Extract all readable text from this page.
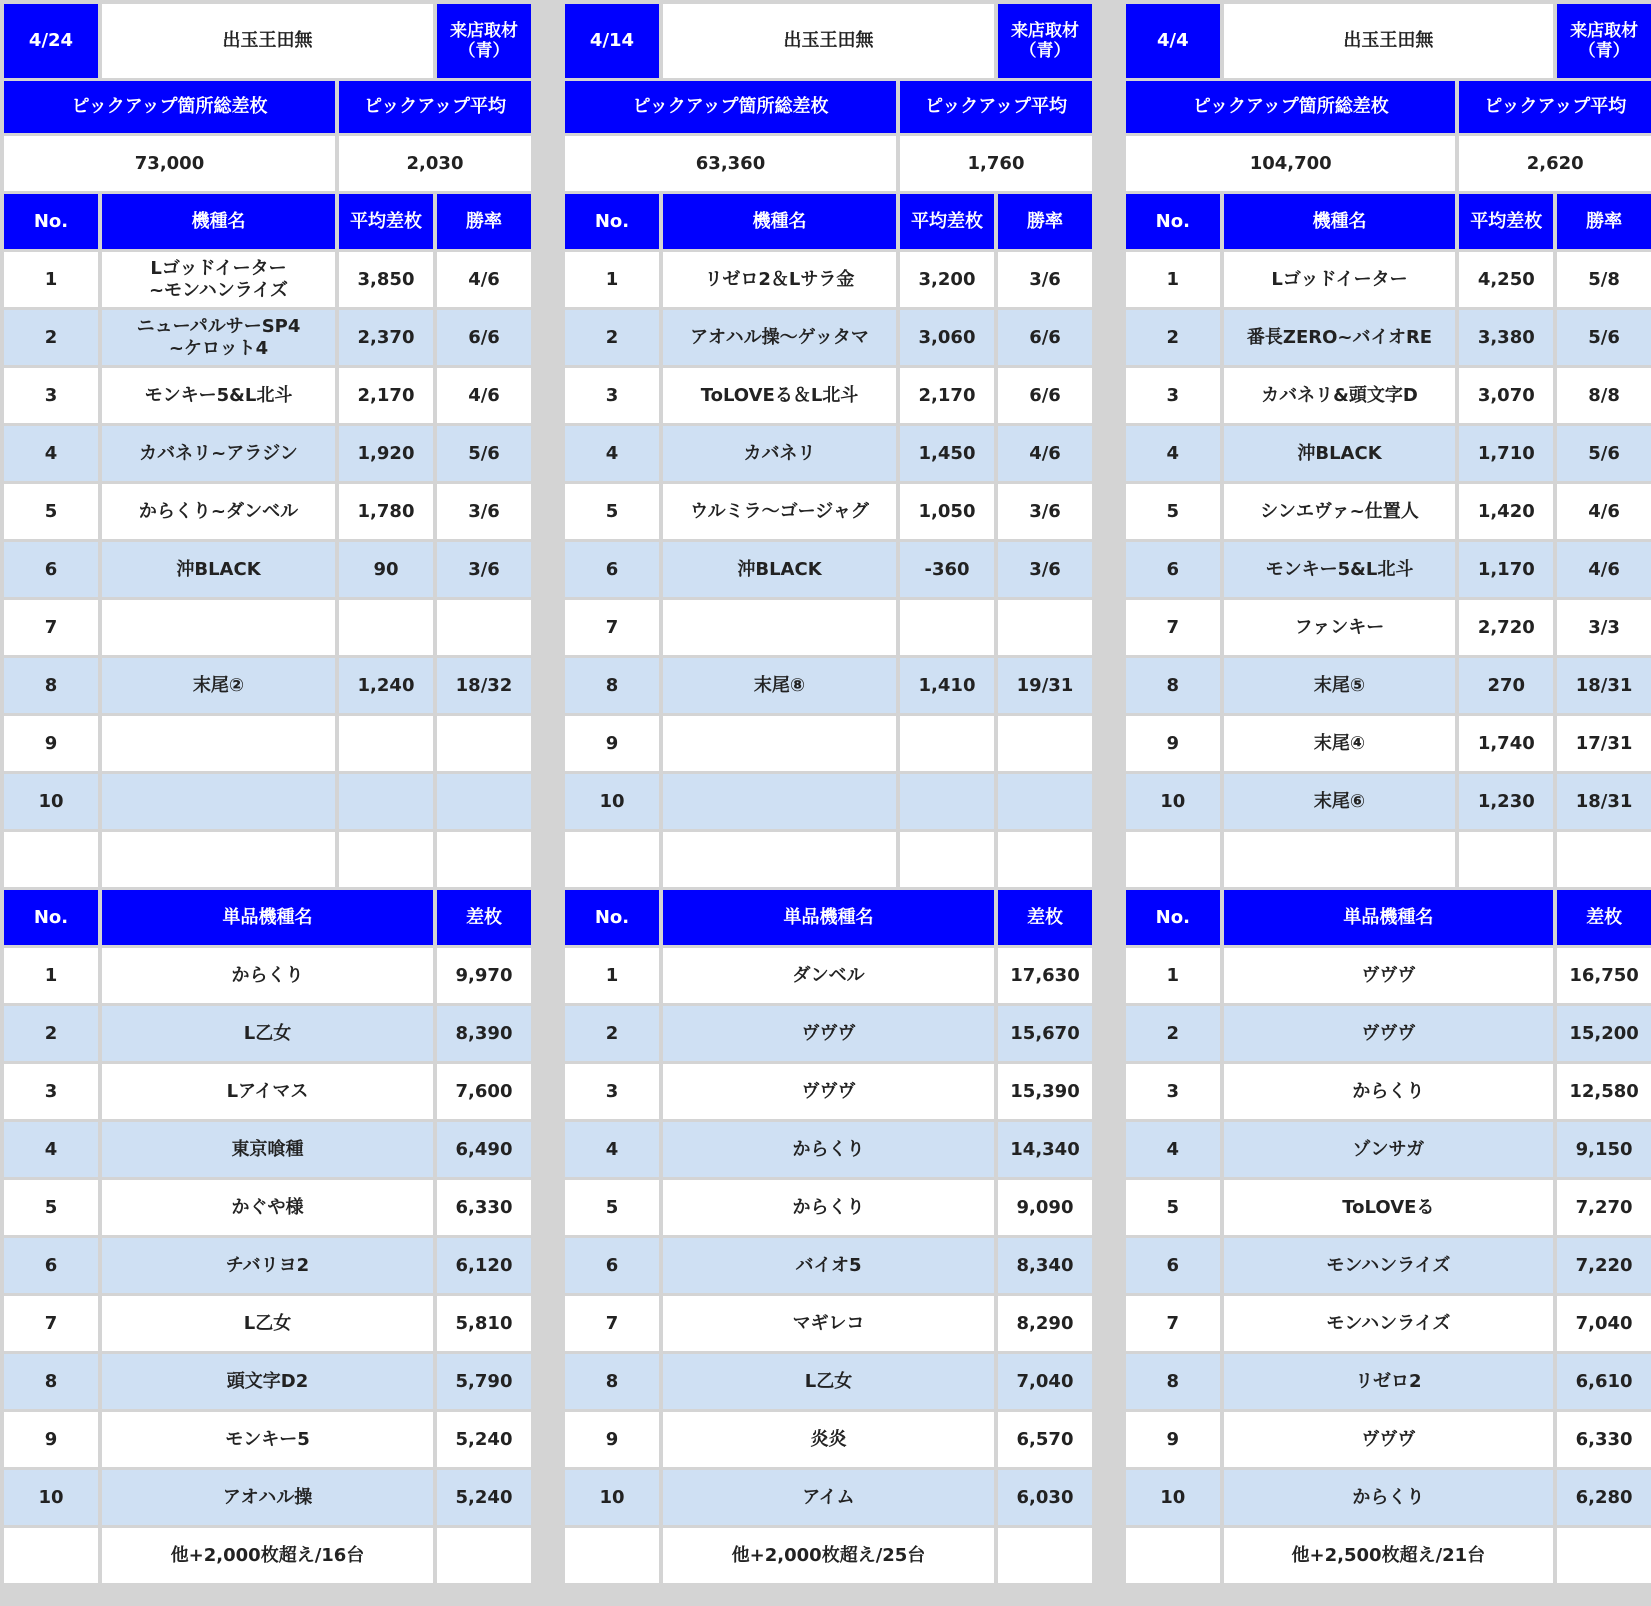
4/24	出玉王田無		来店取材
（青）
ピックアップ箇所総差枚		ピックアップ平均	
73,000		2,030	
No.	機種名	平均差枚	勝率
1	Lゴッドイーター
~モンハンライズ	3,850	4/6
2	ニューパルサーSP4
~ケロット4	2,370	6/6
3	モンキー5&L北斗	2,170	4/6
4	カバネリ~アラジン	1,920	5/6
5	からくり~ダンベル	1,780	3/6
6	沖BLACK	90	3/6
7			
8	末尾②	1,240	18/32
9			
10			

No.	単品機種名		差枚
1	からくり		9,970
2	L乙女		8,390
3	Lアイマス		7,600
4	東京喰種		6,490
5	かぐや様		6,330
6	チバリヨ2		6,120
7	L乙女		5,810
8	頭文字D2		5,790
9	モンキー5		5,240
10	アオハル操		5,240
	他+2,000枚超え/16台		
4/14	出玉王田無		来店取材
（青）
ピックアップ箇所総差枚		ピックアップ平均	
63,360		1,760	
No.	機種名	平均差枚	勝率
1	リゼロ2＆Lサラ金	3,200	3/6
2	アオハル操～ゲッタマ	3,060	6/6
3	ToLOVEる＆L北斗	2,170	6/6
4	カバネリ	1,450	4/6
5	ウルミラ～ゴージャグ	1,050	3/6
6	沖BLACK	-360	3/6
7			
8	末尾⑧	1,410	19/31
9			
10			

No.	単品機種名		差枚
1	ダンベル		17,630
2	ヴヴヴ		15,670
3	ヴヴヴ		15,390
4	からくり		14,340
5	からくり		9,090
6	バイオ5		8,340
7	マギレコ		8,290
8	L乙女		7,040
9	炎炎		6,570
10	アイム		6,030
	他+2,000枚超え/25台		
4/4	出玉王田無		来店取材
（青）
ピックアップ箇所総差枚		ピックアップ平均	
104,700		2,620	
No.	機種名	平均差枚	勝率
1	Lゴッドイーター	4,250	5/8
2	番長ZERO~バイオRE	3,380	5/6
3	カバネリ&頭文字D	3,070	8/8
4	沖BLACK	1,710	5/6
5	シンエヴァ~仕置人	1,420	4/6
6	モンキー5&L北斗	1,170	4/6
7	ファンキー	2,720	3/3
8	末尾⑤	270	18/31
9	末尾④	1,740	17/31
10	末尾⑥	1,230	18/31

No.	単品機種名		差枚
1	ヴヴヴ		16,750
2	ヴヴヴ		15,200
3	からくり		12,580
4	ゾンサガ		9,150
5	ToLOVEる		7,270
6	モンハンライズ		7,220
7	モンハンライズ		7,040
8	リゼロ2		6,610
9	ヴヴヴ		6,330
10	からくり		6,280
	他+2,500枚超え/21台		
